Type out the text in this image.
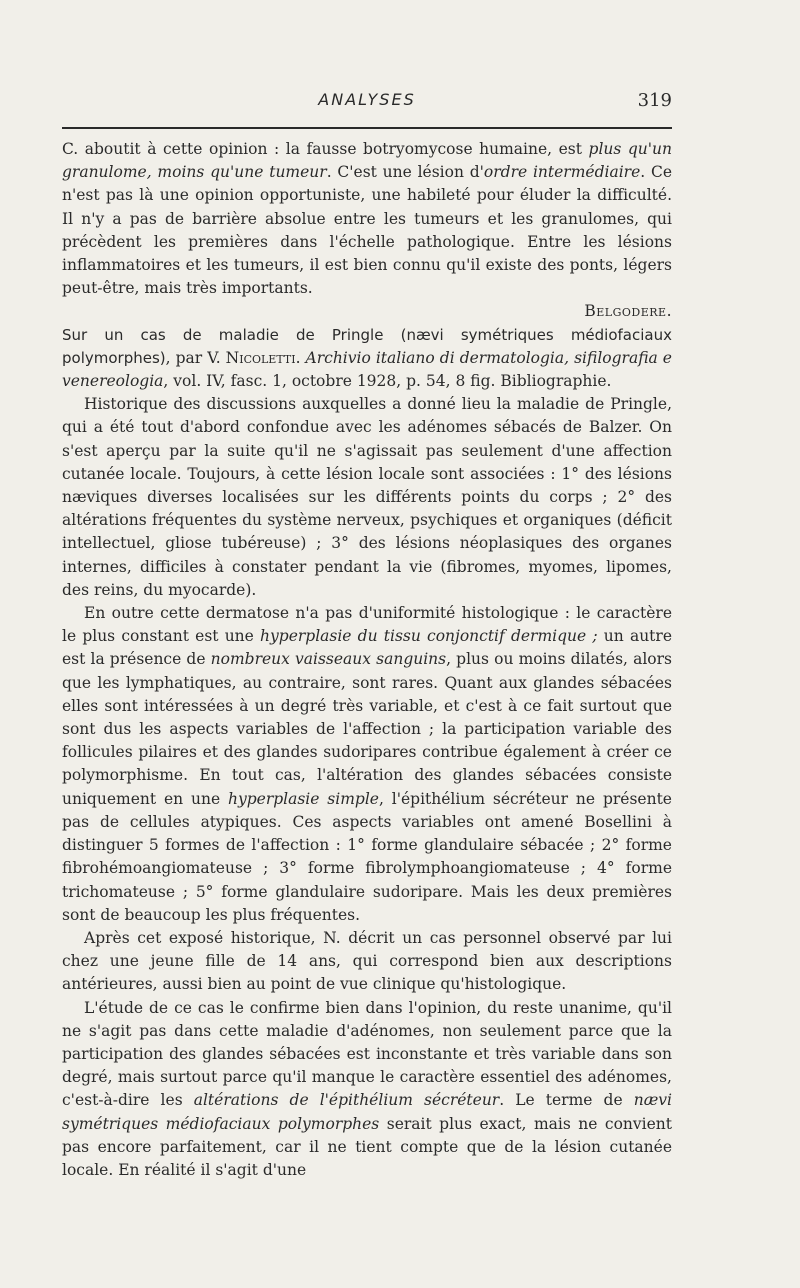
ANALYSES	319

C. aboutit à cette opinion : la fausse botryomycose humaine, est plus qu'un granulome, moins qu'une tumeur. C'est une lésion d'ordre intermédiaire. Ce n'est pas là une opinion opportuniste, une habileté pour éluder la difficulté. Il n'y a pas de barrière absolue entre les tumeurs et les granulomes, qui précèdent les premières dans l'échelle pathologique. Entre les lésions inflammatoires et les tumeurs, il est bien connu qu'il existe des ponts, légers peut-être, mais très importants.

Belgodere.

Sur un cas de maladie de Pringle (nævi symétriques médiofaciaux polymorphes), par V. Nicoletti. Archivio italiano di dermatologia, sifilografia e venereologia, vol. IV, fasc. 1, octobre 1928, p. 54, 8 fig. Bibliographie.

Historique des discussions auxquelles a donné lieu la maladie de Pringle, qui a été tout d'abord confondue avec les adénomes sébacés de Balzer. On s'est aperçu par la suite qu'il ne s'agissait pas seulement d'une affection cutanée locale. Toujours, à cette lésion locale sont associées : 1° des lésions næviques diverses localisées sur les différents points du corps ; 2° des altérations fréquentes du système nerveux, psychiques et organiques (déficit intellectuel, gliose tubéreuse) ; 3° des lésions néoplasiques des organes internes, difficiles à constater pendant la vie (fibromes, myomes, lipomes, des reins, du myocarde).

En outre cette dermatose n'a pas d'uniformité histologique : le caractère le plus constant est une hyperplasie du tissu conjonctif dermique ; un autre est la présence de nombreux vaisseaux sanguins, plus ou moins dilatés, alors que les lymphatiques, au contraire, sont rares. Quant aux glandes sébacées elles sont intéressées à un degré très variable, et c'est à ce fait surtout que sont dus les aspects variables de l'affection ; la participation variable des follicules pilaires et des glandes sudoripares contribue également à créer ce polymorphisme. En tout cas, l'altération des glandes sébacées consiste uniquement en une hyperplasie simple, l'épithélium sécréteur ne présente pas de cellules atypiques. Ces aspects variables ont amené Bosellini à distinguer 5 formes de l'affection : 1° forme glandulaire sébacée ; 2° forme fibrohémoangiomateuse ; 3° forme fibrolymphoangiomateuse ; 4° forme trichomateuse ; 5° forme glandulaire sudoripare. Mais les deux premières sont de beaucoup les plus fréquentes.

Après cet exposé historique, N. décrit un cas personnel observé par lui chez une jeune fille de 14 ans, qui correspond bien aux descriptions antérieures, aussi bien au point de vue clinique qu'histologique.

L'étude de ce cas le confirme bien dans l'opinion, du reste unanime, qu'il ne s'agit pas dans cette maladie d'adénomes, non seulement parce que la participation des glandes sébacées est inconstante et très variable dans son degré, mais surtout parce qu'il manque le caractère essentiel des adénomes, c'est-à-dire les altérations de l'épithélium sécréteur. Le terme de nævi symétriques médiofaciaux polymorphes serait plus exact, mais ne convient pas encore parfaitement, car il ne tient compte que de la lésion cutanée locale. En réalité il s'agit d'une
